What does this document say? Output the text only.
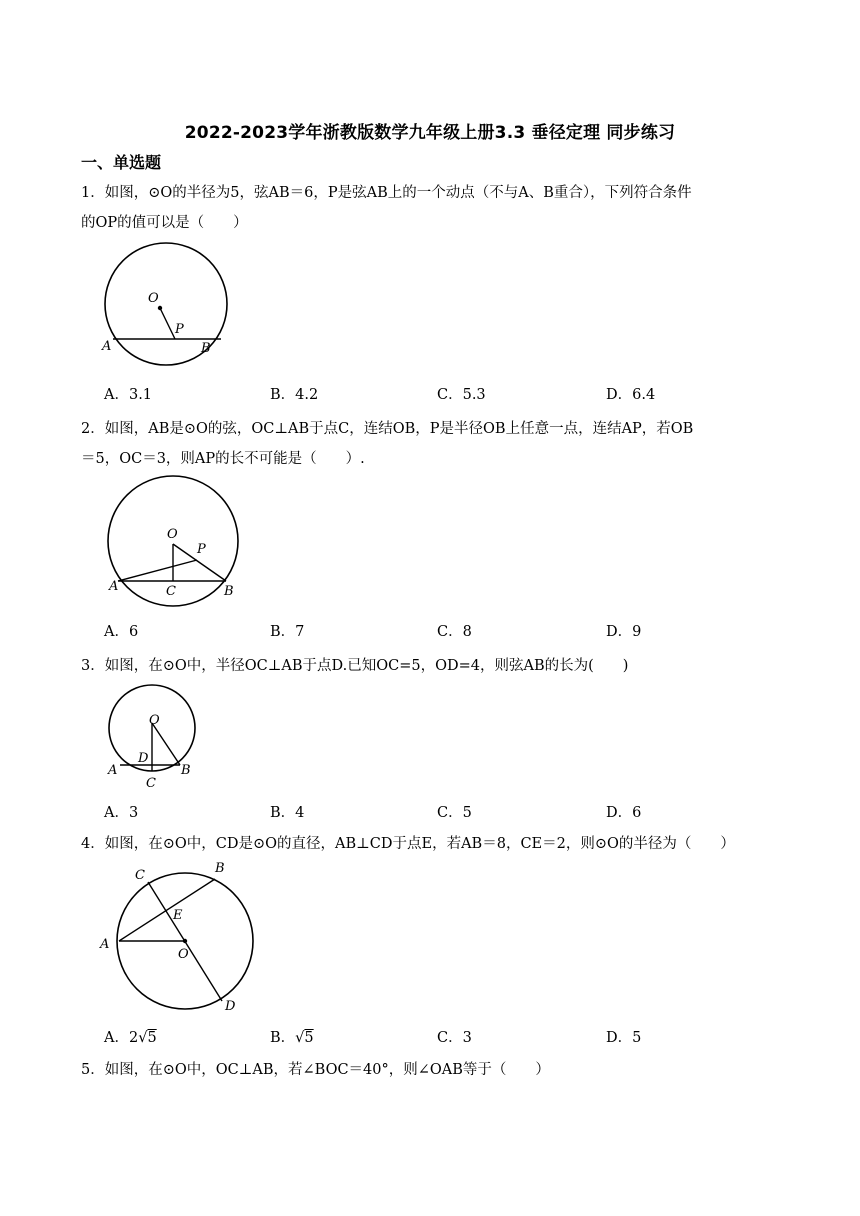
2022-2023学年浙教版数学九年级上册3.3 垂径定理 同步练习
一、单选题
1．如图，⊙O的半径为5，弦AB＝6，P是弦AB上的一个动点（不与A、B重合），下列符合条件
的OP的值可以是（　　）
O
P
A	B
A．3.1	B．4.2	C．5.3	D．6.4
2．如图，AB是⊙O的弦，OC⊥AB于点C，连结OB，P是半径OB上任意一点，连结AP，若OB
＝5，OC＝3，则AP的长不可能是（　　）.
O
P
A	C	B
A．6	B．7	C．8	D．9
3．如图，在⊙O中，半径OC⊥AB于点D.已知OC=5，OD=4，则弦AB的长为(　　)
O
D
A	B
C
A．3	B．4	C．5	D．6
4．如图，在⊙O中，CD是⊙O的直径，AB⊥CD于点E，若AB＝8，CE＝2，则⊙O的半径为（　　）
C	B
E
A
O
D
A．2√5	B．√5	C．3	D．5
5．如图，在⊙O中，OC⊥AB，若∠BOC＝40°，则∠OAB等于（　　）
